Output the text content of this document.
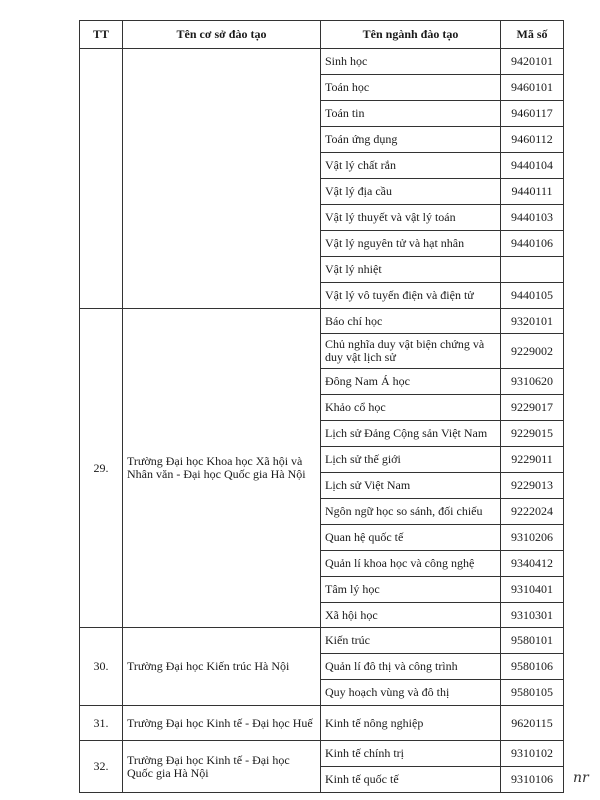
TT	Tên cơ sở đào tạo	Tên ngành đào tạo	Mã số
		Sinh học	9420101
		Toán học	9460101
		Toán tin	9460117
		Toán ứng dụng	9460112
		Vật lý chất rắn	9440104
		Vật lý địa cầu	9440111
		Vật lý thuyết và vật lý toán	9440103
		Vật lý nguyên tử và hạt nhân	9440106
		Vật lý nhiệt	
		Vật lý vô tuyến điện và điện tử	9440105
29.	Trường Đại học Khoa học Xã hội và Nhân văn - Đại học Quốc gia Hà Nội	Báo chí học	9320101
		Chủ nghĩa duy vật biện chứng và duy vật lịch sử	9229002
		Đông Nam Á học	9310620
		Khảo cổ học	9229017
		Lịch sử Đảng Cộng sản Việt Nam	9229015
		Lịch sử thế giới	9229011
		Lịch sử Việt Nam	9229013
		Ngôn ngữ học so sánh, đối chiếu	9222024
		Quan hệ quốc tế	9310206
		Quản lí khoa học và công nghệ	9340412
		Tâm lý học	9310401
		Xã hội học	9310301
30.	Trường Đại học Kiến trúc Hà Nội	Kiến trúc	9580101
		Quản lí đô thị và công trình	9580106
		Quy hoạch vùng và đô thị	9580105
31.	Trường Đại học Kinh tế - Đại học Huế	Kinh tế nông nghiệp	9620115
32.	Trường Đại học Kinh tế - Đại học Quốc gia Hà Nội	Kinh tế chính trị	9310102
		Kinh tế quốc tế	9310106 nr
